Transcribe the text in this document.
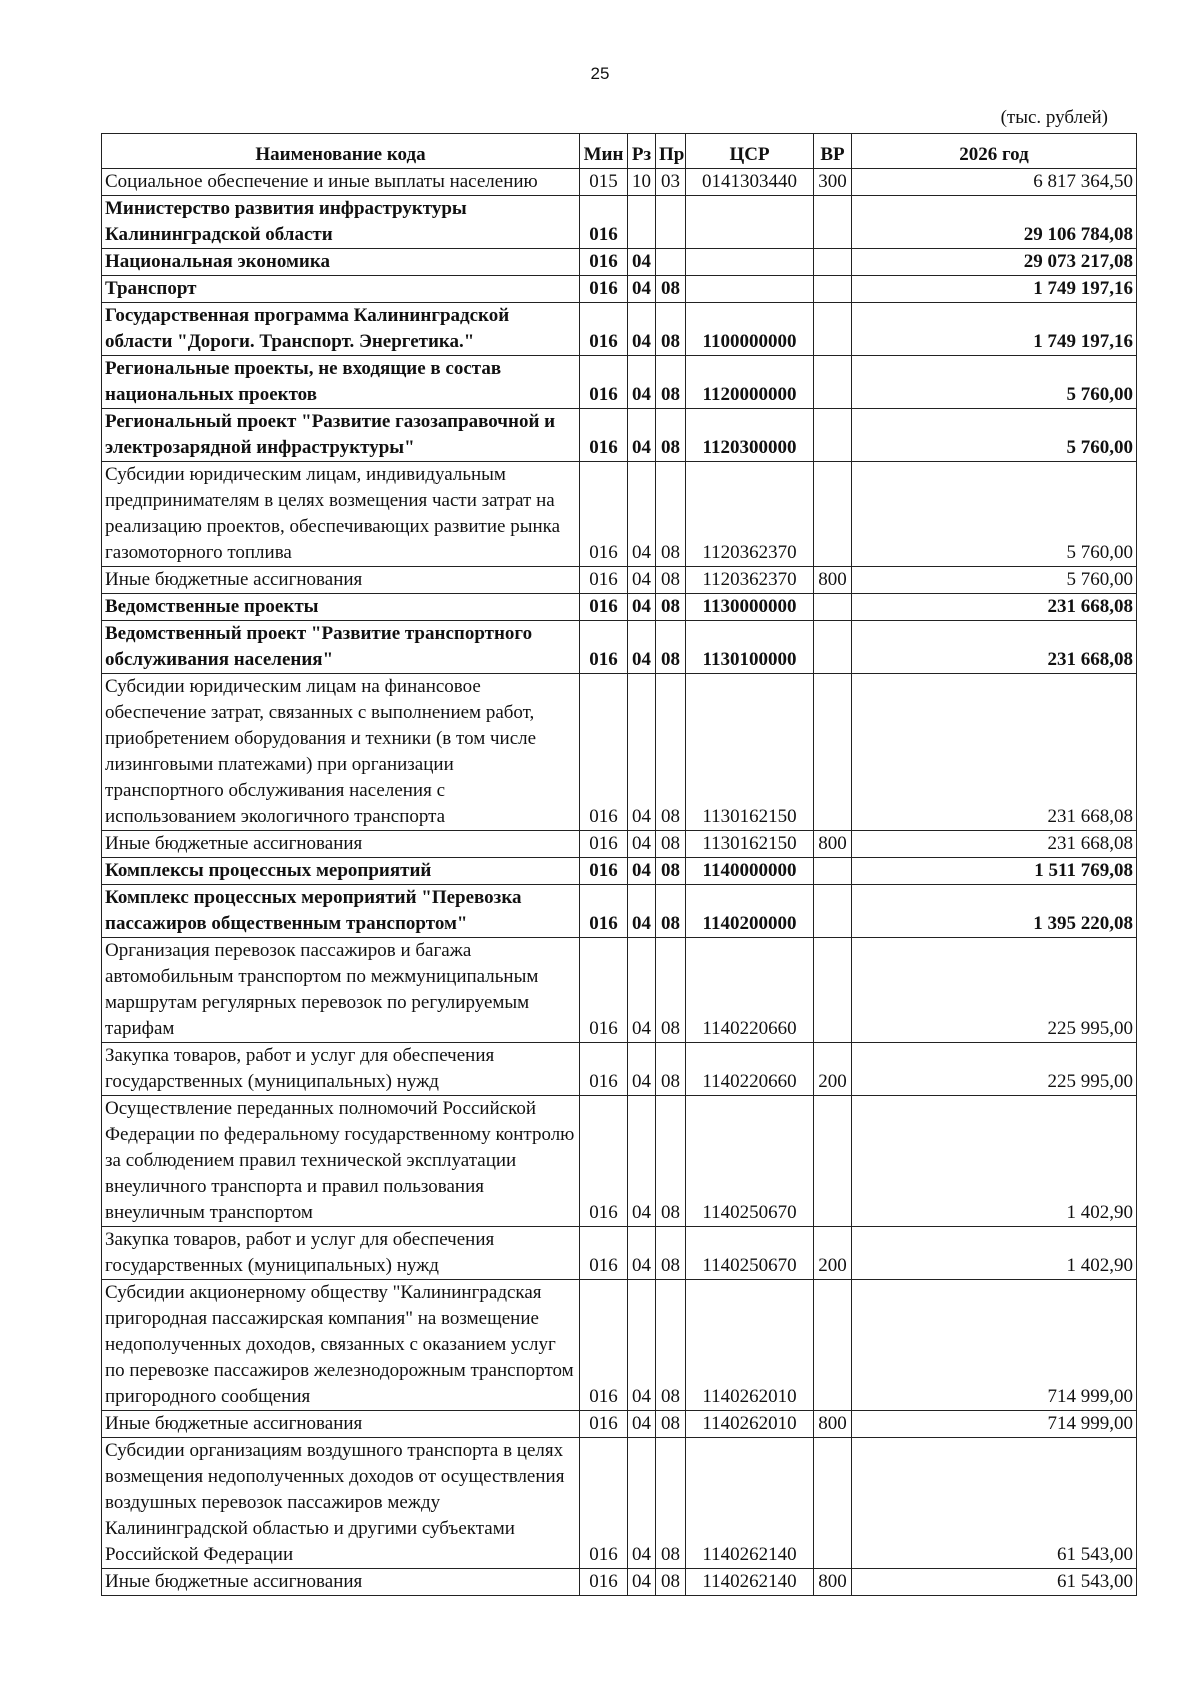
25
(тыс. рублей)
Наименование кода	Мин	Рз	Пр	ЦСР	ВР	2026 год
Социальное обеспечение и иные выплаты населению	015	10	03	0141303440	300	6 817 364,50
Министерство развития инфраструктуры Калининградской области	016					29 106 784,08
Национальная экономика	016	04				29 073 217,08
Транспорт	016	04	08			1 749 197,16
Государственная программа Калининградской области "Дороги. Транспорт. Энергетика."	016	04	08	1100000000		1 749 197,16
Региональные проекты, не входящие в состав национальных проектов	016	04	08	1120000000		5 760,00
Региональный проект "Развитие газозаправочной и электрозарядной инфраструктуры"	016	04	08	1120300000		5 760,00
Субсидии юридическим лицам, индивидуальным предпринимателям в целях возмещения части затрат на реализацию проектов, обеспечивающих развитие рынка газомоторного топлива	016	04	08	1120362370		5 760,00
Иные бюджетные ассигнования	016	04	08	1120362370	800	5 760,00
Ведомственные проекты	016	04	08	1130000000		231 668,08
Ведомственный проект "Развитие транспортного обслуживания населения"	016	04	08	1130100000		231 668,08
Субсидии юридическим лицам на финансовое обеспечение затрат, связанных с выполнением работ, приобретением оборудования и техники (в том числе лизинговыми платежами) при организации транспортного обслуживания населения с использованием экологичного транспорта	016	04	08	1130162150		231 668,08
Иные бюджетные ассигнования	016	04	08	1130162150	800	231 668,08
Комплексы процессных мероприятий	016	04	08	1140000000		1 511 769,08
Комплекс процессных мероприятий "Перевозка пассажиров общественным транспортом"	016	04	08	1140200000		1 395 220,08
Организация перевозок пассажиров и багажа автомобильным транспортом по межмуниципальным маршрутам регулярных перевозок по регулируемым тарифам	016	04	08	1140220660		225 995,00
Закупка товаров, работ и услуг для обеспечения государственных (муниципальных) нужд	016	04	08	1140220660	200	225 995,00
Осуществление переданных полномочий Российской Федерации по федеральному государственному контролю за соблюдением правил технической эксплуатации внеуличного транспорта и правил пользования внеуличным транспортом	016	04	08	1140250670		1 402,90
Закупка товаров, работ и услуг для обеспечения государственных (муниципальных) нужд	016	04	08	1140250670	200	1 402,90
Субсидии акционерному обществу "Калининградская пригородная пассажирская компания" на возмещение недополученных доходов, связанных с оказанием услуг по перевозке пассажиров железнодорожным транспортом пригородного сообщения	016	04	08	1140262010		714 999,00
Иные бюджетные ассигнования	016	04	08	1140262010	800	714 999,00
Субсидии организациям воздушного транспорта в целях возмещения недополученных доходов от осуществления воздушных перевозок пассажиров между Калининградской областью и другими субъектами Российской Федерации	016	04	08	1140262140		61 543,00
Иные бюджетные ассигнования	016	04	08	1140262140	800	61 543,00
